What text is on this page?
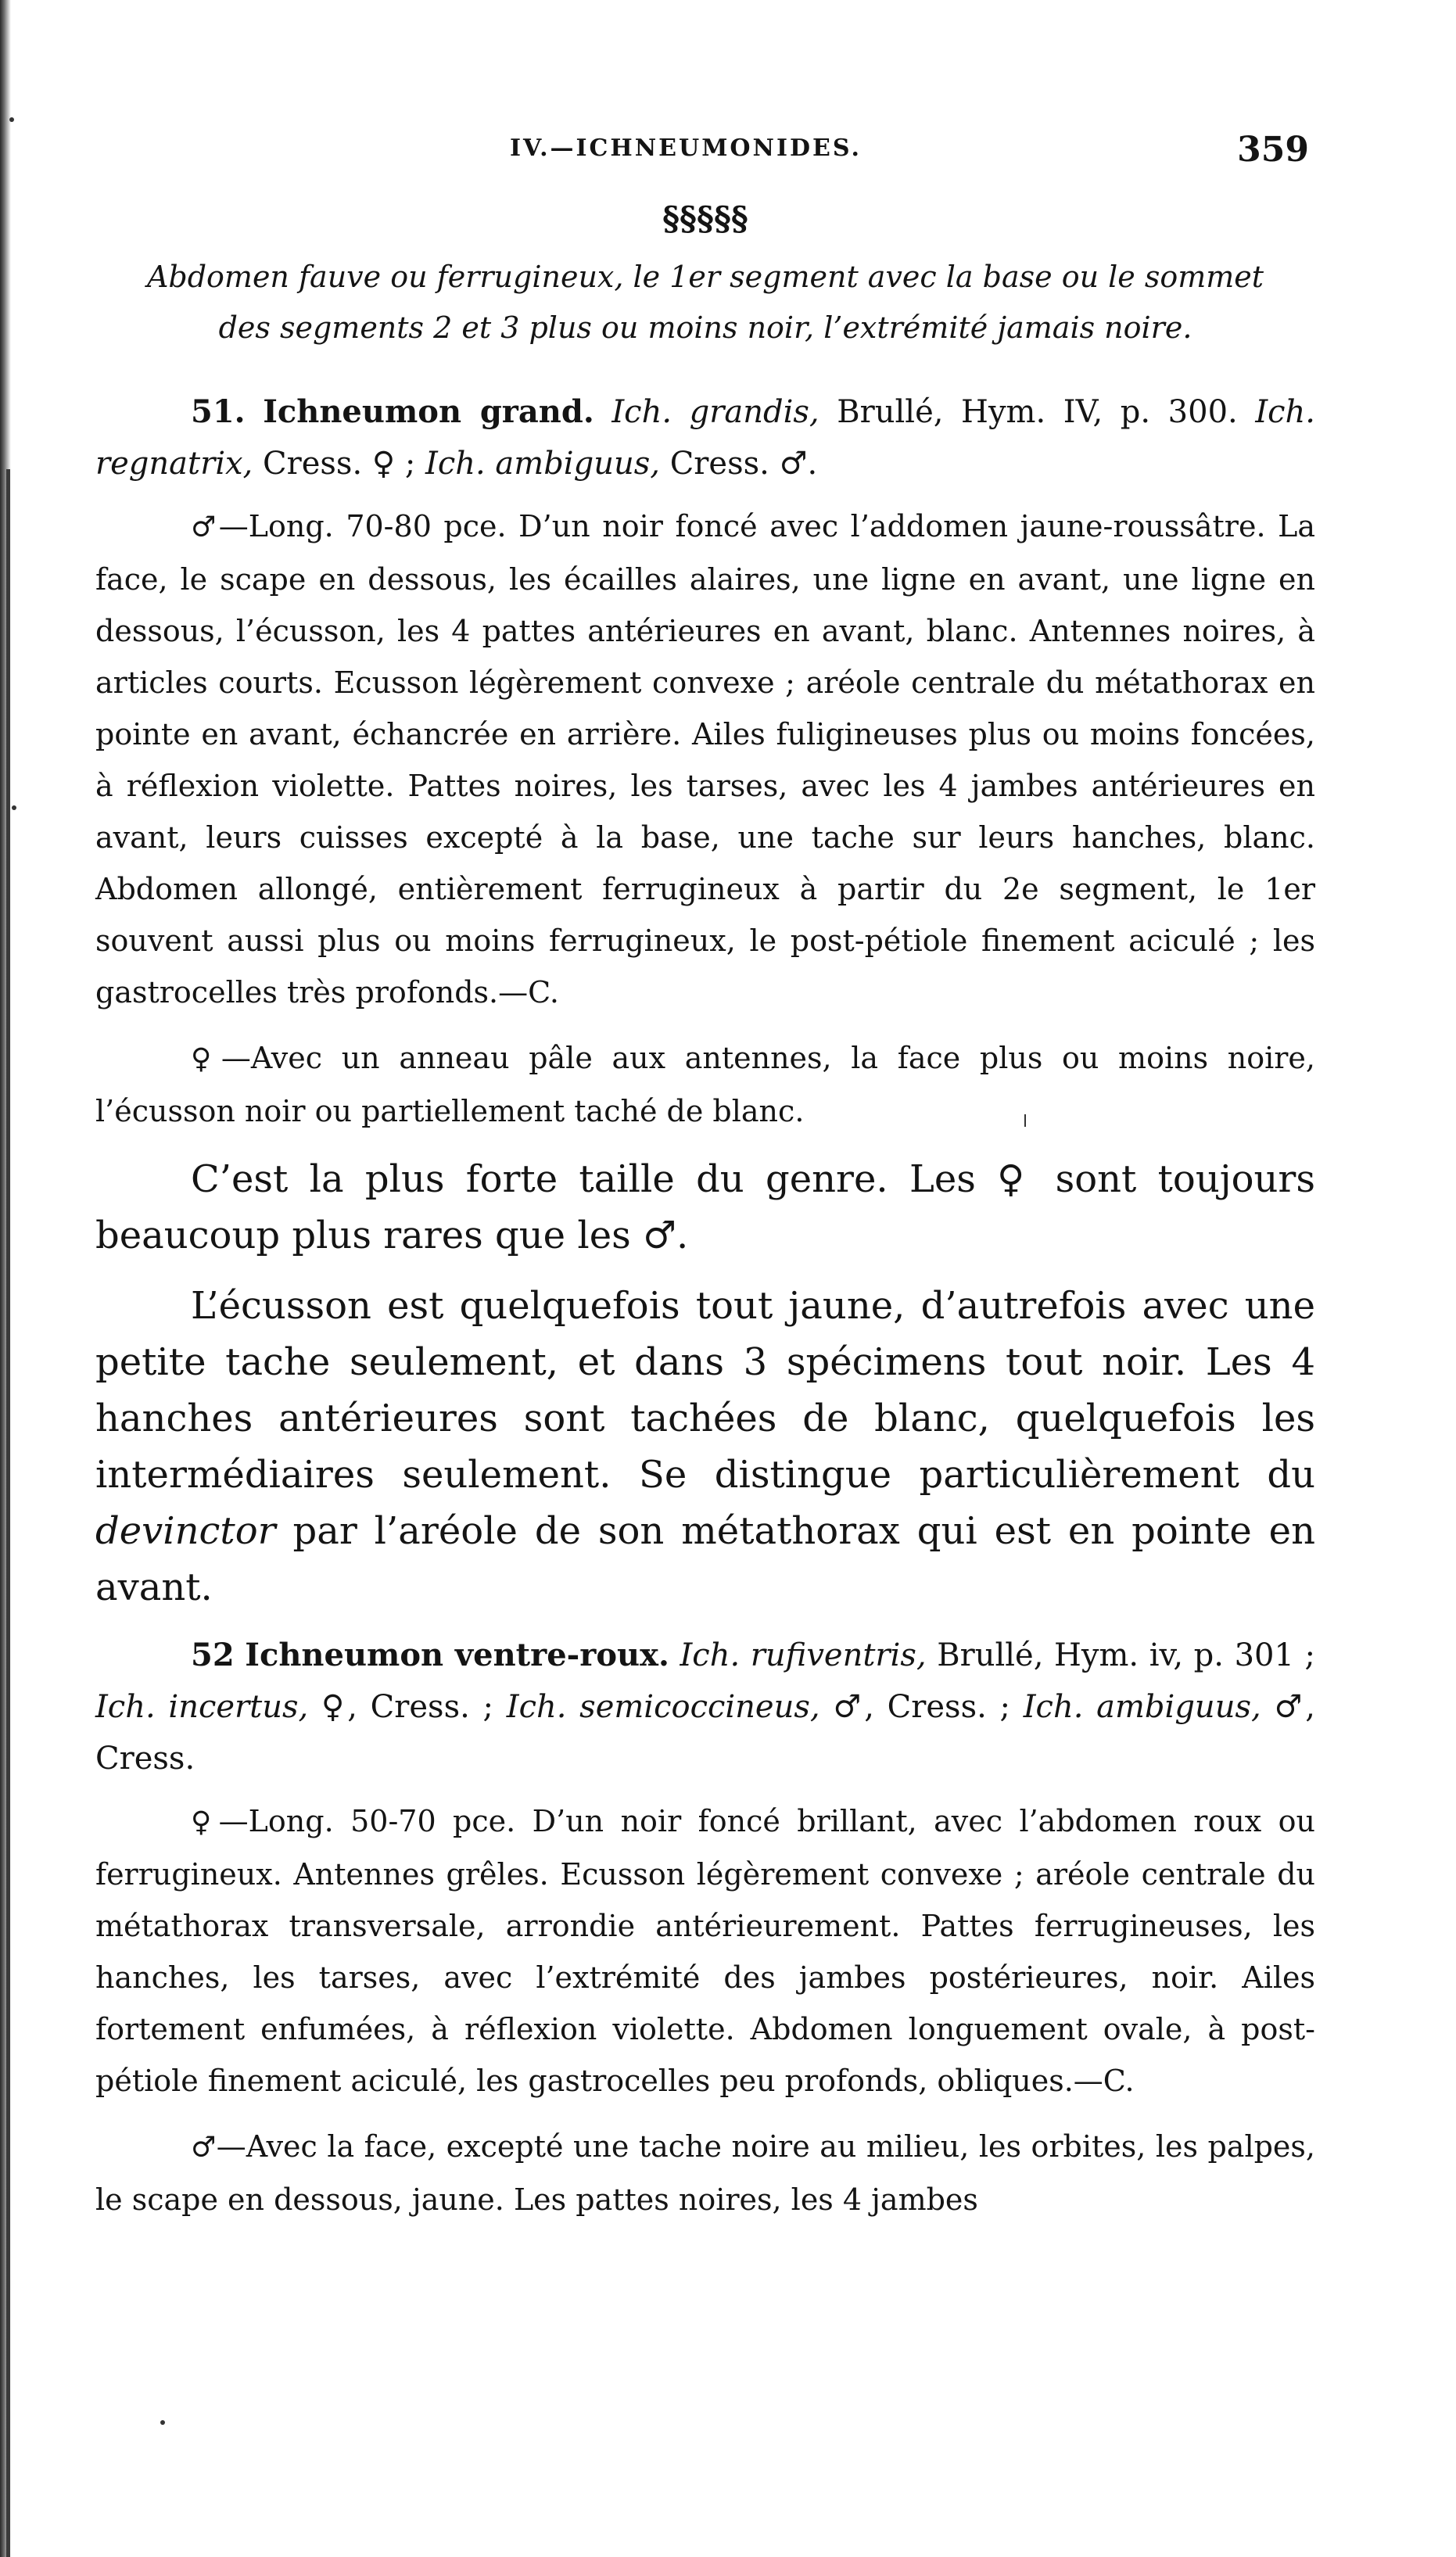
IV.—ICHNEUMONIDES.	359
§§§§§
Abdomen fauve ou ferrugineux, le 1er segment avec la base ou le sommet des segments 2 et 3 plus ou moins noir, l’extrémité jamais noire.

51. Ichneumon grand. Ich. grandis, Brullé, Hym. IV, p. 300. Ich. regnatrix, Cress. ♀ ; Ich. ambiguus, Cress. ♂.

♂—Long. 70-80 pce. D’un noir foncé avec l’addomen jaune-roussâtre. La face, le scape en dessous, les écailles alaires, une ligne en avant, une ligne en dessous, l’écusson, les 4 pattes antérieures en avant, blanc. Antennes noires, à articles courts. Ecusson légèrement convexe ; aréole centrale du métathorax en pointe en avant, échancrée en arrière. Ailes fuligineuses plus ou moins foncées, à réflexion violette. Pattes noires, les tarses, avec les 4 jambes antérieures en avant, leurs cuisses excepté à la base, une tache sur leurs hanches, blanc. Abdomen allongé, entièrement ferrugineux à partir du 2e segment, le 1er souvent aussi plus ou moins ferrugineux, le post-pétiole finement aciculé ; les gastrocelles très profonds.—C.

♀—Avec un anneau pâle aux antennes, la face plus ou moins noire, l’écusson noir ou partiellement taché de blanc.

C’est la plus forte taille du genre. Les ♀ sont toujours beaucoup plus rares que les ♂.

L’écusson est quelquefois tout jaune, d’autrefois avec une petite tache seulement, et dans 3 spécimens tout noir. Les 4 hanches antérieures sont tachées de blanc, quelquefois les intermédiaires seulement. Se distingue particulièrement du devinctor par l’aréole de son métathorax qui est en pointe en avant.

52 Ichneumon ventre-roux. Ich. rufiventris, Brullé, Hym. iv, p. 301 ; Ich. incertus, ♀, Cress. ; Ich. semicoccineus, ♂, Cress. ; Ich. ambiguus, ♂, Cress.

♀—Long. 50-70 pce. D’un noir foncé brillant, avec l’abdomen roux ou ferrugineux. Antennes grêles. Ecusson légèrement convexe ; aréole centrale du métathorax transversale, arrondie antérieurement. Pattes ferrugineuses, les hanches, les tarses, avec l’extrémité des jambes postérieures, noir. Ailes fortement enfumées, à réflexion violette. Abdomen longuement ovale, à post-pétiole finement aciculé, les gastrocelles peu profonds, obliques.—C.

♂—Avec la face, excepté une tache noire au milieu, les orbites, les palpes, le scape en dessous, jaune. Les pattes noires, les 4 jambes
